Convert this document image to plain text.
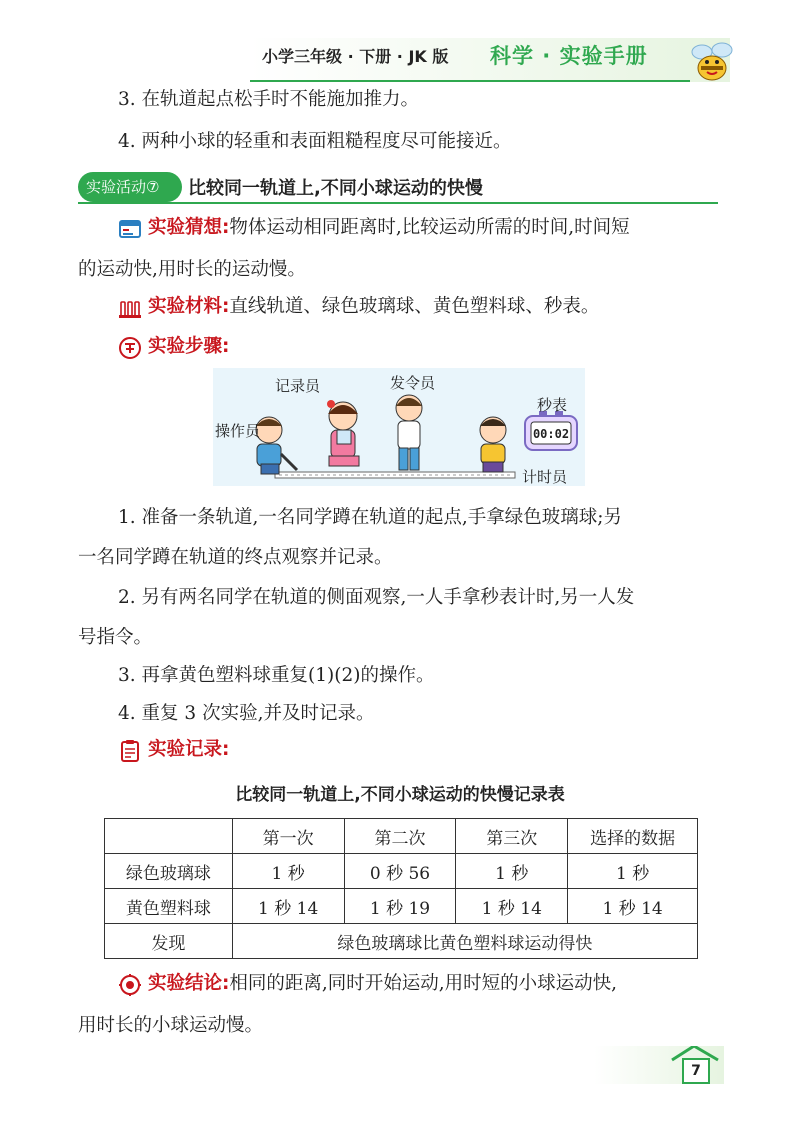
小学三年级 · 下册 · JK 版 科学 · 实验手册
3. 在轨道起点松手时不能施加推力。
4. 两种小球的轻重和表面粗糙程度尽可能接近。
实验活动⑦	比较同一轨道上,不同小球运动的快慢
实验猜想:物体运动相同距离时,比较运动所需的时间,时间短
的运动快,用时长的运动慢。
实验材料:直线轨道、绿色玻璃球、黄色塑料球、秒表。
实验步骤:
00:02
记录员	发令员
秒表
操作员
计时员
1. 准备一条轨道,一名同学蹲在轨道的起点,手拿绿色玻璃球;另
一名同学蹲在轨道的终点观察并记录。
2. 另有两名同学在轨道的侧面观察,一人手拿秒表计时,另一人发
号指令。
3. 再拿黄色塑料球重复(1)(2)的操作。
4. 重复 3 次实验,并及时记录。
实验记录:
比较同一轨道上,不同小球运动的快慢记录表
	第一次	第二次	第三次	选择的数据
绿色玻璃球	1 秒	0 秒 56	1 秒	1 秒
黄色塑料球	1 秒 14	1 秒 19	1 秒 14	1 秒 14
发现	绿色玻璃球比黄色塑料球运动得快			
实验结论:相同的距离,同时开始运动,用时短的小球运动快,
用时长的小球运动慢。
7
